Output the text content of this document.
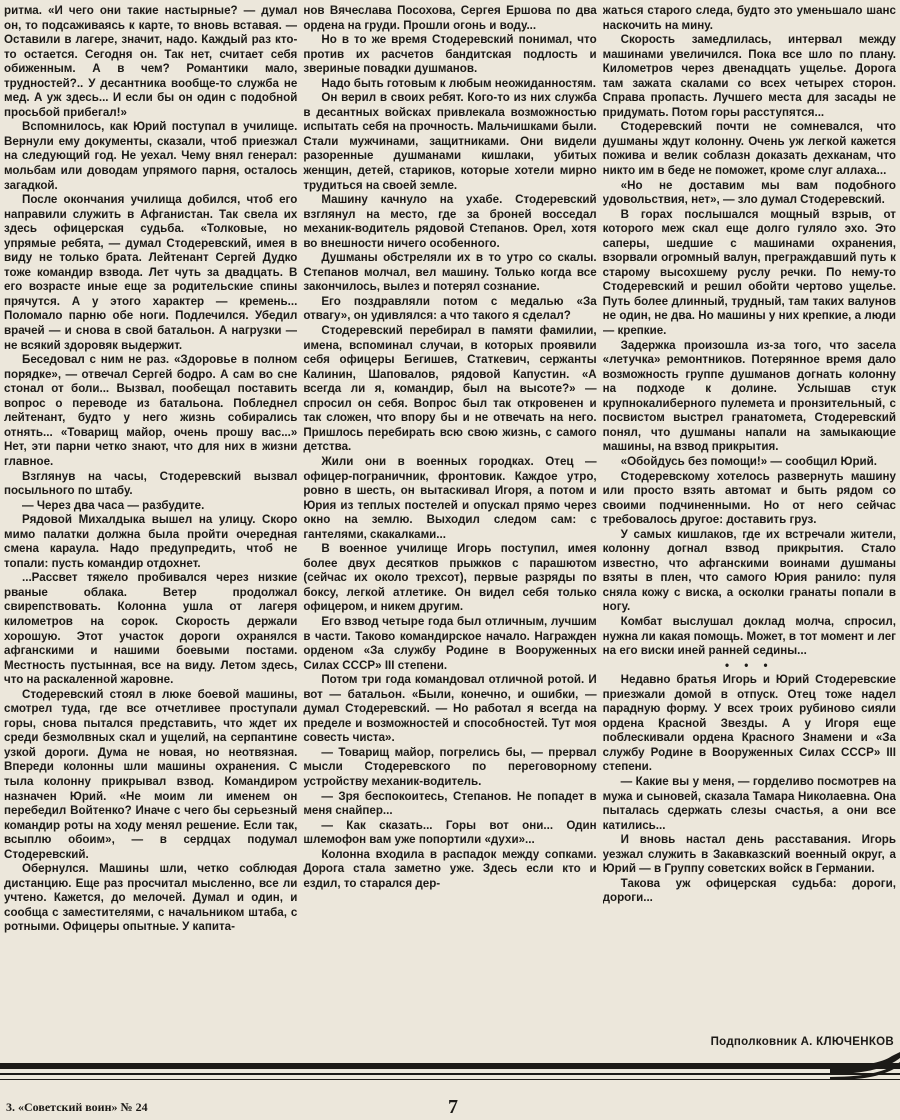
ритма. «И чего они такие настырные? — думал он, то подсаживаясь к карте, то вновь вставая. — Оставили в лагере, значит, надо. Каждый раз кто-то остается. Сегодня он. Так нет, считает себя обиженным. А в чем? Романтики мало, трудностей?.. У десантника вообще-то служба не мед. А уж здесь... И если бы он один с подобной просьбой прибегал!»

Вспомнилось, как Юрий поступал в училище. Вернули ему документы, сказали, чтоб приезжал на следующий год. Не уехал. Чему внял генерал: мольбам или доводам упрямого парня, осталось загадкой.

После окончания училища добился, чтоб его направили служить в Афганистан. Так свела их здесь офицерская судьба. «Толковые, но упрямые ребята, — думал Стодеревский, имея в виду не только брата. Лейтенант Сергей Дудко тоже командир взвода. Лет чуть за двадцать. В его возрасте иные еще за родительские спины прячутся. А у этого характер — кремень... Поломало парню обе ноги. Подлечился. Убедил врачей — и снова в свой батальон. А нагрузки — не всякий здоровяк выдержит.

Беседовал с ним не раз. «Здоровье в полном порядке», — отвечал Сергей бодро. А сам во сне стонал от боли... Вызвал, пообещал поставить вопрос о переводе из батальона. Побледнел лейтенант, будто у него жизнь собирались отнять... «Товарищ майор, очень прошу вас...» Нет, эти парни четко знают, что для них в жизни главное.

Взглянув на часы, Стодеревский вызвал посыльного по штабу.

— Через два часа — разбудите.

Рядовой Михалдыка вышел на улицу. Скоро мимо палатки должна была пройти очередная смена караула. Надо предупредить, чтоб не топали: пусть командир отдохнет.

...Рассвет тяжело пробивался через низкие рваные облака. Ветер продолжал свирепствовать. Колонна ушла от лагеря километров на сорок. Скорость держали хорошую. Этот участок дороги охранялся афганскими и нашими боевыми постами. Местность пустынная, все на виду. Летом здесь, что на раскаленной жаровне.

Стодеревский стоял в люке боевой машины, смотрел туда, где все отчетливее проступали горы, снова пытался представить, что ждет их среди безмолвных скал и ущелий, на серпантине узкой дороги. Дума не новая, но неотвязная. Впереди колонны шли машины охранения. С тыла колонну прикрывал взвод. Командиром назначен Юрий. «Не моим ли именем он перебедил Войтенко? Иначе с чего бы серьезный командир роты на ходу менял решение. Если так, всыплю обоим», — в сердцах подумал Стодеревский.

Обернулся. Машины шли, четко соблюдая дистанцию. Еще раз просчитал мысленно, все ли учтено. Кажется, до мелочей. Думал и один, и сообща с заместителями, с начальником штаба, с ротными. Офицеры опытные. У капита-

нов Вячеслава Посохова, Сергея Ершова по два ордена на груди. Прошли огонь и воду...

Но в то же время Стодеревский понимал, что против их расчетов бандитская подлость и звериные повадки душманов.

Надо быть готовым к любым неожиданностям.

Он верил в своих ребят. Кого-то из них служба в десантных войсках привлекала возможностью испытать себя на прочность. Мальчишками были. Стали мужчинами, защитниками. Они видели разоренные душманами кишлаки, убитых женщин, детей, стариков, которые хотели мирно трудиться на своей земле.

Машину качнуло на ухабе. Стодеревский взглянул на место, где за броней восседал механик-водитель рядовой Степанов. Орел, хотя во внешности ничего особенного.

Душманы обстреляли их в то утро со скалы. Степанов молчал, вел машину. Только когда все закончилось, вылез и потерял сознание.

Его поздравляли потом с медалью «За отвагу», он удивлялся: а что такого я сделал?

Стодеревский перебирал в памяти фамилии, имена, вспоминал случаи, в которых проявили себя офицеры Бегишев, Статкевич, сержанты Калинин, Шаповалов, рядовой Капустин. «А всегда ли я, командир, был на высоте?» — спросил он себя. Вопрос был так откровенен и так сложен, что впору бы и не отвечать на него. Пришлось перебирать всю свою жизнь, с самого детства.

Жили они в военных городках. Отец — офицер-пограничник, фронтовик. Каждое утро, ровно в шесть, он вытаскивал Игоря, а потом и Юрия из теплых постелей и опускал прямо через окно на землю. Выходил следом сам: с гантелями, скакалками...

В военное училище Игорь поступил, имея более двух десятков прыжков с парашютом (сейчас их около трехсот), первые разряды по боксу, легкой атлетике. Он видел себя только офицером, и никем другим.

Его взвод четыре года был отличным, лучшим в части. Таково командирское начало. Награжден орденом «За службу Родине в Вооруженных Силах СССР» III степени.

Потом три года командовал отличной ротой. И вот — батальон. «Были, конечно, и ошибки, — думал Стодеревский. — Но работал я всегда на пределе и возможностей и способностей. Тут моя совесть чиста».

— Товарищ майор, погрелись бы, — прервал мысли Стодеревского по переговорному устройству механик-водитель.

— Зря беспокоитесь, Степанов. Не попадет в меня снайпер...

— Как сказать... Горы вот они... Один шлемофон вам уже попортили «духи»...

Колонна входила в распадок между сопками. Дорога стала заметно уже. Здесь если кто и ездил, то старался дер-

жаться старого следа, будто это уменьшало шанс наскочить на мину.

Скорость замедлилась, интервал между машинами увеличился. Пока все шло по плану. Километров через двенадцать ущелье. Дорога там зажата скалами со всех четырех сторон. Справа пропасть. Лучшего места для засады не придумать. Потом горы расступятся...

Стодеревский почти не сомневался, что душманы ждут колонну. Очень уж легкой кажется пожива и велик соблазн доказать дехканам, что никто им в беде не поможет, кроме слуг аллаха...

«Но не доставим мы вам подобного удовольствия, нет», — зло думал Стодеревский.

В горах послышался мощный взрыв, от которого меж скал еще долго гуляло эхо. Это саперы, шедшие с машинами охранения, взорвали огромный валун, преграждавший путь к старому высохшему руслу речки. По нему-то Стодеревский и решил обойти чертово ущелье. Путь более длинный, трудный, там таких валунов не один, не два. Но машины у них крепкие, а люди — крепкие.

Задержка произошла из-за того, что засела «летучка» ремонтников. Потерянное время дало возможность группе душманов догнать колонну на подходе к долине. Услышав стук крупнокалиберного пулемета и пронзительный, с посвистом выстрел гранатомета, Стодеревский понял, что душманы напали на замыкающие машины, на взвод прикрытия.

«Обойдусь без помощи!» — сообщил Юрий.

Стодеревскому хотелось развернуть машину или просто взять автомат и быть рядом со своими подчиненными. Но от него сейчас требовалось другое: доставить груз.

У самых кишлаков, где их встречали жители, колонну догнал взвод прикрытия. Стало известно, что афганскими воинами душманы взяты в плен, что самого Юрия ранило: пуля сняла кожу с виска, а осколки гранаты попали в ногу.

Комбат выслушал доклад молча, спросил, нужна ли какая помощь. Может, в тот момент и лег на его виски иней ранней седины...

• • •

Недавно братья Игорь и Юрий Стодеревские приезжали домой в отпуск. Отец тоже надел парадную форму. У всех троих рубиново сияли ордена Красной Звезды. А у Игоря еще поблескивали ордена Красного Знамени и «За службу Родине в Вооруженных Силах СССР» III степени.

— Какие вы у меня, — горделиво посмотрев на мужа и сыновей, сказала Тамара Николаевна. Она пыталась сдержать слезы счастья, а они все катились...

И вновь настал день расставания. Игорь уезжал служить в Закавказский военный округ, а Юрий — в Группу советских войск в Германии.

Такова уж офицерская судьба: дороги, дороги...

Подполковник А. КЛЮЧЕНКОВ
3. «Советский воин» № 24	7
